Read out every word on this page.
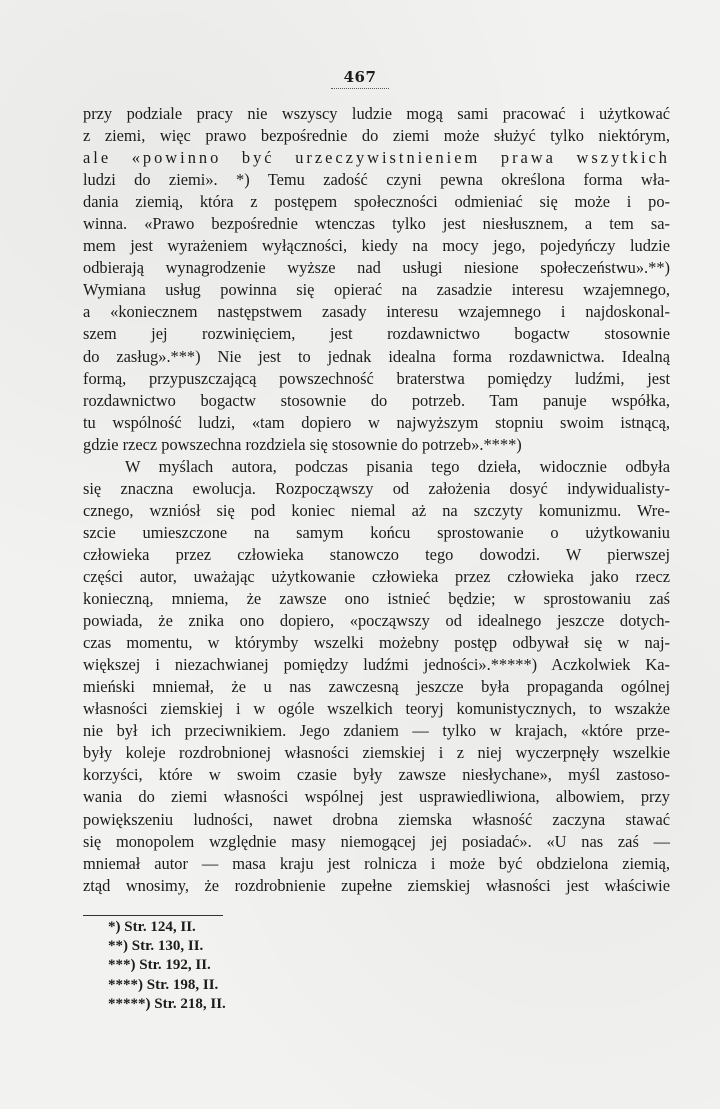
467
przy podziale pracy nie wszyscy ludzie mogą sami pracować i użytkować
z ziemi, więc prawo bezpośrednie do ziemi może służyć tylko niektórym,
ale «powinno być urzeczywistnieniem prawa wszytkich
ludzi do ziemi». *) Temu zadość czyni pewna określona forma wła-
dania ziemią, która z postępem społeczności odmieniać się może i po-
winna. «Prawo bezpośrednie wtenczas tylko jest niesłusznem, a tem sa-
mem jest wyrażeniem wyłączności, kiedy na mocy jego, pojedyńczy ludzie
odbierają wynagrodzenie wyższe nad usługi niesione społeczeństwu».**)
Wymiana usług powinna się opierać na zasadzie interesu wzajemnego,
a «koniecznem następstwem zasady interesu wzajemnego i najdoskonal-
szem jej rozwinięciem, jest rozdawnictwo bogactw stosownie
do zasług».***) Nie jest to jednak idealna forma rozdawnictwa. Idealną
formą, przypuszczającą powszechność braterstwa pomiędzy ludźmi, jest
rozdawnictwo bogactw stosownie do potrzeb. Tam panuje współka,
tu wspólność ludzi, «tam dopiero w najwyższym stopniu swoim istnącą,
gdzie rzecz powszechna rozdziela się stosownie do potrzeb».****)
W myślach autora, podczas pisania tego dzieła, widocznie odbyła
się znaczna ewolucja. Rozpocząwszy od założenia dosyć indywidualisty-
cznego, wzniósł się pod koniec niemal aż na szczyty komunizmu. Wre-
szcie umieszczone na samym końcu sprostowanie o użytkowaniu
człowieka przez człowieka stanowczo tego dowodzi. W pierwszej
części autor, uważając użytkowanie człowieka przez człowieka jako rzecz
konieczną, mniema, że zawsze ono istnieć będzie; w sprostowaniu zaś
powiada, że znika ono dopiero, «począwszy od idealnego jeszcze dotych-
czas momentu, w którymby wszelki możebny postęp odbywał się w naj-
większej i niezachwianej pomiędzy ludźmi jedności».*****) Aczkolwiek Ka-
mieński mniemał, że u nas zawczesną jeszcze była propaganda ogólnej
własności ziemskiej i w ogóle wszelkich teoryj komunistycznych, to wszakże
nie był ich przeciwnikiem. Jego zdaniem — tylko w krajach, «które prze-
były koleje rozdrobnionej własności ziemskiej i z niej wyczerpnęły wszelkie
korzyści, które w swoim czasie były zawsze niesłychane», myśl zastoso-
wania do ziemi własności wspólnej jest usprawiedliwiona, albowiem, przy
powiększeniu ludności, nawet drobna ziemska własność zaczyna stawać
się monopolem względnie masy niemogącej jej posiadać». «U nas zaś —
mniemał autor — masa kraju jest rolnicza i może być obdzielona ziemią,
ztąd wnosimy, że rozdrobnienie zupełne ziemskiej własności jest właściwie
*) Str. 124, II.
**) Str. 130, II.
***) Str. 192, II.
****) Str. 198, II.
*****) Str. 218, II.
